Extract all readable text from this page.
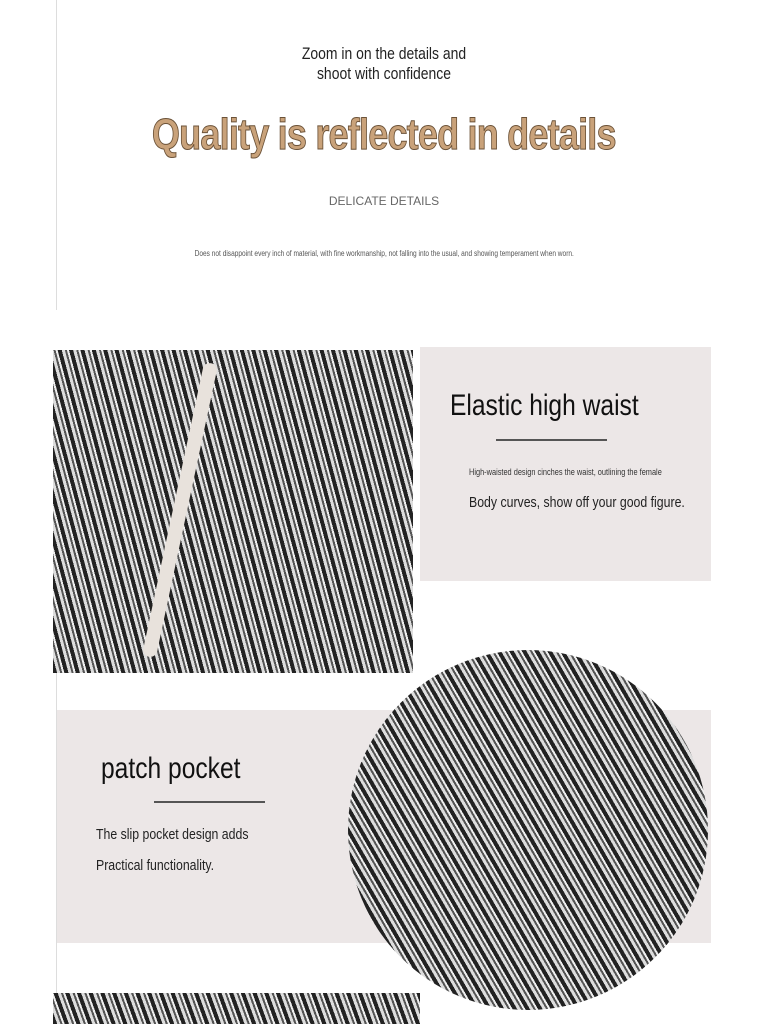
Zoom in on the details and shoot with confidence
Quality is reflected in details
DELICATE DETAILS
Does not disappoint every inch of material, with fine workmanship, not falling into the usual, and showing temperament when worn.
Elastic high waist
High-waisted design cinches the waist, outlining the female
Body curves, show off your good figure.
patch pocket
The slip pocket design adds
Practical functionality.
